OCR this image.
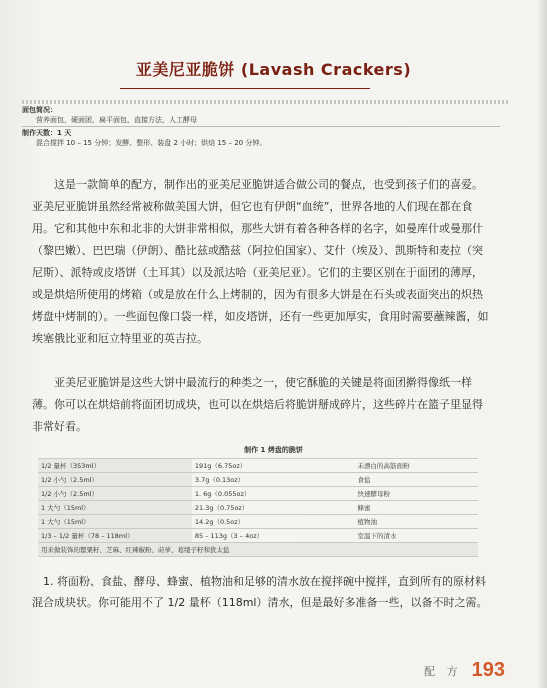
亚美尼亚脆饼 (Lavash Crackers)
面包简况：
营养面包，硬面团，扁平面包，直接方法，人工酵母
制作天数：1 天
混合搅拌 10 – 15 分钟；发酵、整形、装盘 2 小时；烘焙 15 – 20 分钟。

这是一款简单的配方，制作出的亚美尼亚脆饼适合做公司的餐点，也受到孩子们的喜爱。亚美尼亚脆饼虽然经常被称做美国大饼，但它也有伊朗“血统”，世界各地的人们现在都在食用。它和其他中东和北非的大饼非常相似，那些大饼有着各种各样的名字，如曼库什或曼那什（黎巴嫩）、巴巴瑞（伊朗）、酷比兹或酷兹（阿拉伯国家）、艾什（埃及）、凯斯特和麦拉（突尼斯）、派特或皮塔饼（土耳其）以及派达哈（亚美尼亚）。它们的主要区别在于面团的薄厚，或是烘焙所使用的烤箱（或是放在什么上烤制的，因为有很多大饼是在石头或表面突出的炽热烤盘中烤制的）。一些面包像口袋一样，如皮塔饼，还有一些更加厚实，食用时需要蘸辣酱，如埃塞俄比亚和厄立特里亚的英吉拉。

亚美尼亚脆饼是这些大饼中最流行的种类之一，使它酥脆的关键是将面团擀得像纸一样薄。你可以在烘焙前将面团切成块，也可以在烘焙后将脆饼掰成碎片，这些碎片在篮子里显得非常好看。

制作 1 烤盘的脆饼
1/2 量杯（353ml）	191g（6.75oz）	未漂白的高筋面粉
1/2 小勺（2.5ml）	3.7g（0.13oz）	食盐
1/2 小勺（2.5ml）	1. 6g（0.055oz）	快速酵母粉
1 大勺（15ml）	21.3g（0.75oz）	蜂蜜
1 大勺（15ml）	14.2g（0.5oz）	植物油
1/3 – 1/2 量杯（78 – 118ml）	85 – 113g（3 – 4oz）	室温下的清水
用来做装饰的罂粟籽、芝麻、红辣椒粉、莳萝、葛缕子籽和犹太盐		

1. 将面粉、食盐、酵母、蜂蜜、植物油和足够的清水放在搅拌碗中搅拌，直到所有的原材料混合成块状。你可能用不了 1/2 量杯（118ml）清水，但是最好多准备一些，以备不时之需。

配 方 193
